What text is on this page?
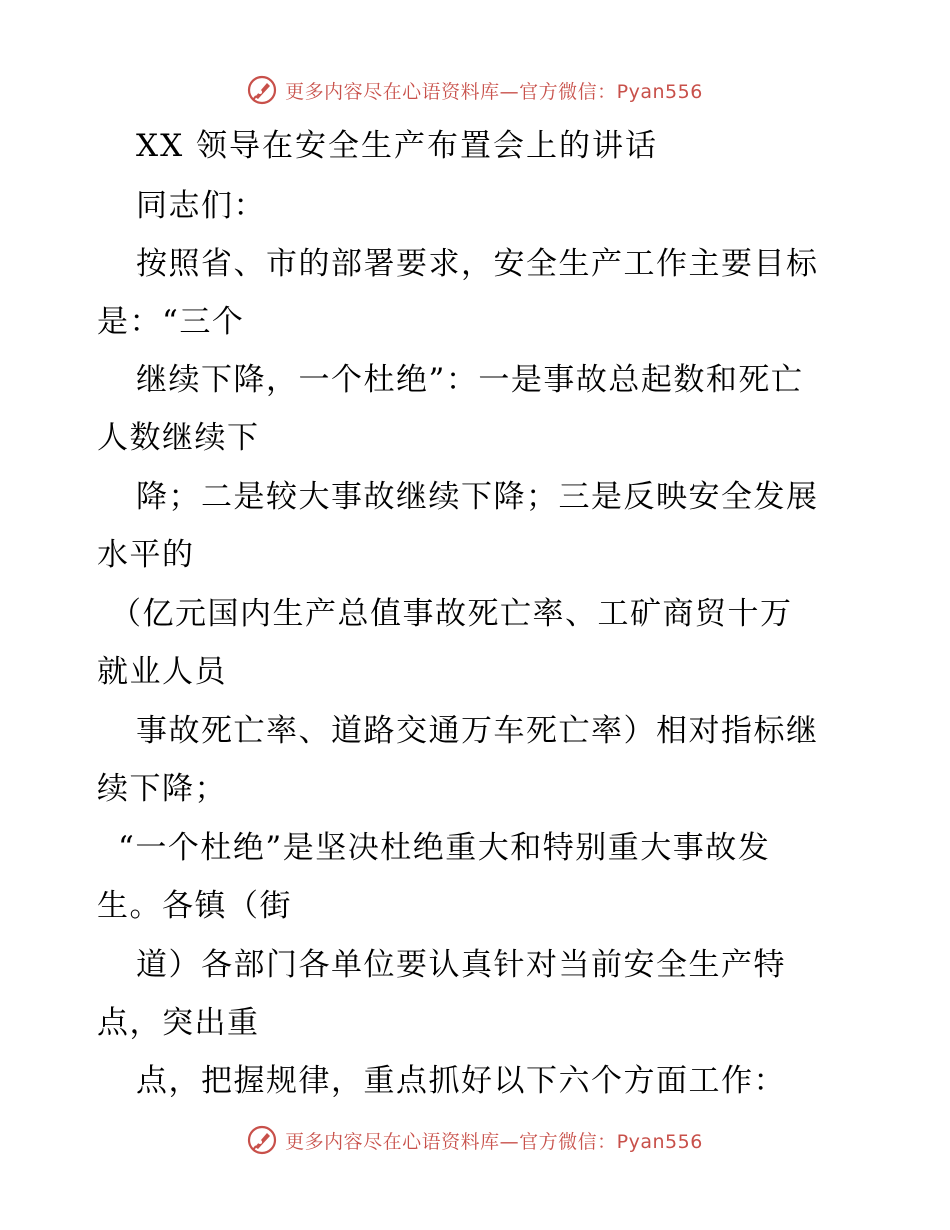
更多内容尽在心语资料库—官方微信：Pyan556
XX 领导在安全生产布置会上的讲话
同志们：
按照省、市的部署要求，安全生产工作主要目标
是：“三个
继续下降，一个杜绝”：一是事故总起数和死亡
人数继续下
降；二是较大事故继续下降；三是反映安全发展
水平的
（亿元国内生产总值事故死亡率、工矿商贸十万
就业人员
事故死亡率、道路交通万车死亡率）相对指标继
续下降；
“一个杜绝”是坚决杜绝重大和特别重大事故发
生。各镇（街
道）各部门各单位要认真针对当前安全生产特
点，突出重
点，把握规律，重点抓好以下六个方面工作：
更多内容尽在心语资料库—官方微信：Pyan556
